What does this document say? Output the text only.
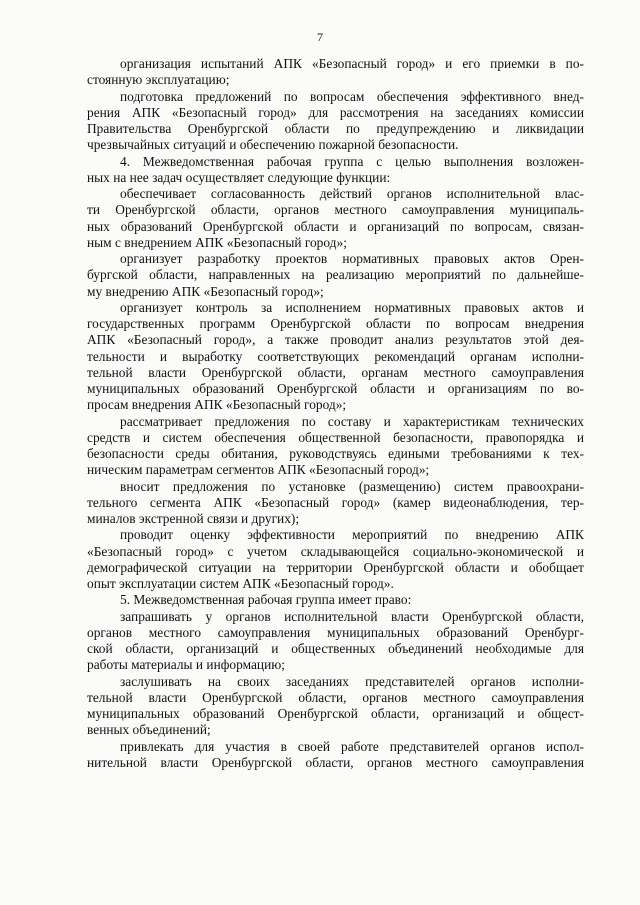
7
организация испытаний АПК «Безопасный город» и его приемки в по-
стоянную эксплуатацию;
подготовка предложений по вопросам обеспечения эффективного внед-
рения АПК «Безопасный город» для рассмотрения на заседаниях комиссии
Правительства Оренбургской области по предупреждению и ликвидации
чрезвычайных ситуаций и обеспечению пожарной безопасности.
4. Межведомственная рабочая группа с целью выполнения возложен-
ных на нее задач осуществляет следующие функции:
обеспечивает согласованность действий органов исполнительной влас-
ти Оренбургской области, органов местного самоуправления муниципаль-
ных образований Оренбургской области и организаций по вопросам, связан-
ным с внедрением АПК «Безопасный город»;
организует разработку проектов нормативных правовых актов Орен-
бургской области, направленных на реализацию мероприятий по дальнейше-
му внедрению АПК «Безопасный город»;
организует контроль за исполнением нормативных правовых актов и
государственных программ Оренбургской области по вопросам внедрения
АПК «Безопасный город», а также проводит анализ результатов этой дея-
тельности и выработку соответствующих рекомендаций органам исполни-
тельной власти Оренбургской области, органам местного самоуправления
муниципальных образований Оренбургской области и организациям по во-
просам внедрения АПК «Безопасный город»;
рассматривает предложения по составу и характеристикам технических
средств и систем обеспечения общественной безопасности, правопорядка и
безопасности среды обитания, руководствуясь едиными требованиями к тех-
ническим параметрам сегментов АПК «Безопасный город»;
вносит предложения по установке (размещению) систем правоохрани-
тельного сегмента АПК «Безопасный город» (камер видеонаблюдения, тер-
миналов экстренной связи и других);
проводит оценку эффективности мероприятий по внедрению АПК
«Безопасный город» с учетом складывающейся социально-экономической и
демографической ситуации на территории Оренбургской области и обобщает
опыт эксплуатации систем АПК «Безопасный город».
5. Межведомственная рабочая группа имеет право:
запрашивать у органов исполнительной власти Оренбургской области,
органов местного самоуправления муниципальных образований Оренбург-
ской области, организаций и общественных объединений необходимые для
работы материалы и информацию;
заслушивать на своих заседаниях представителей органов исполни-
тельной власти Оренбургской области, органов местного самоуправления
муниципальных образований Оренбургской области, организаций и общест-
венных объединений;
привлекать для участия в своей работе представителей органов испол-
нительной власти Оренбургской области, органов местного самоуправления
